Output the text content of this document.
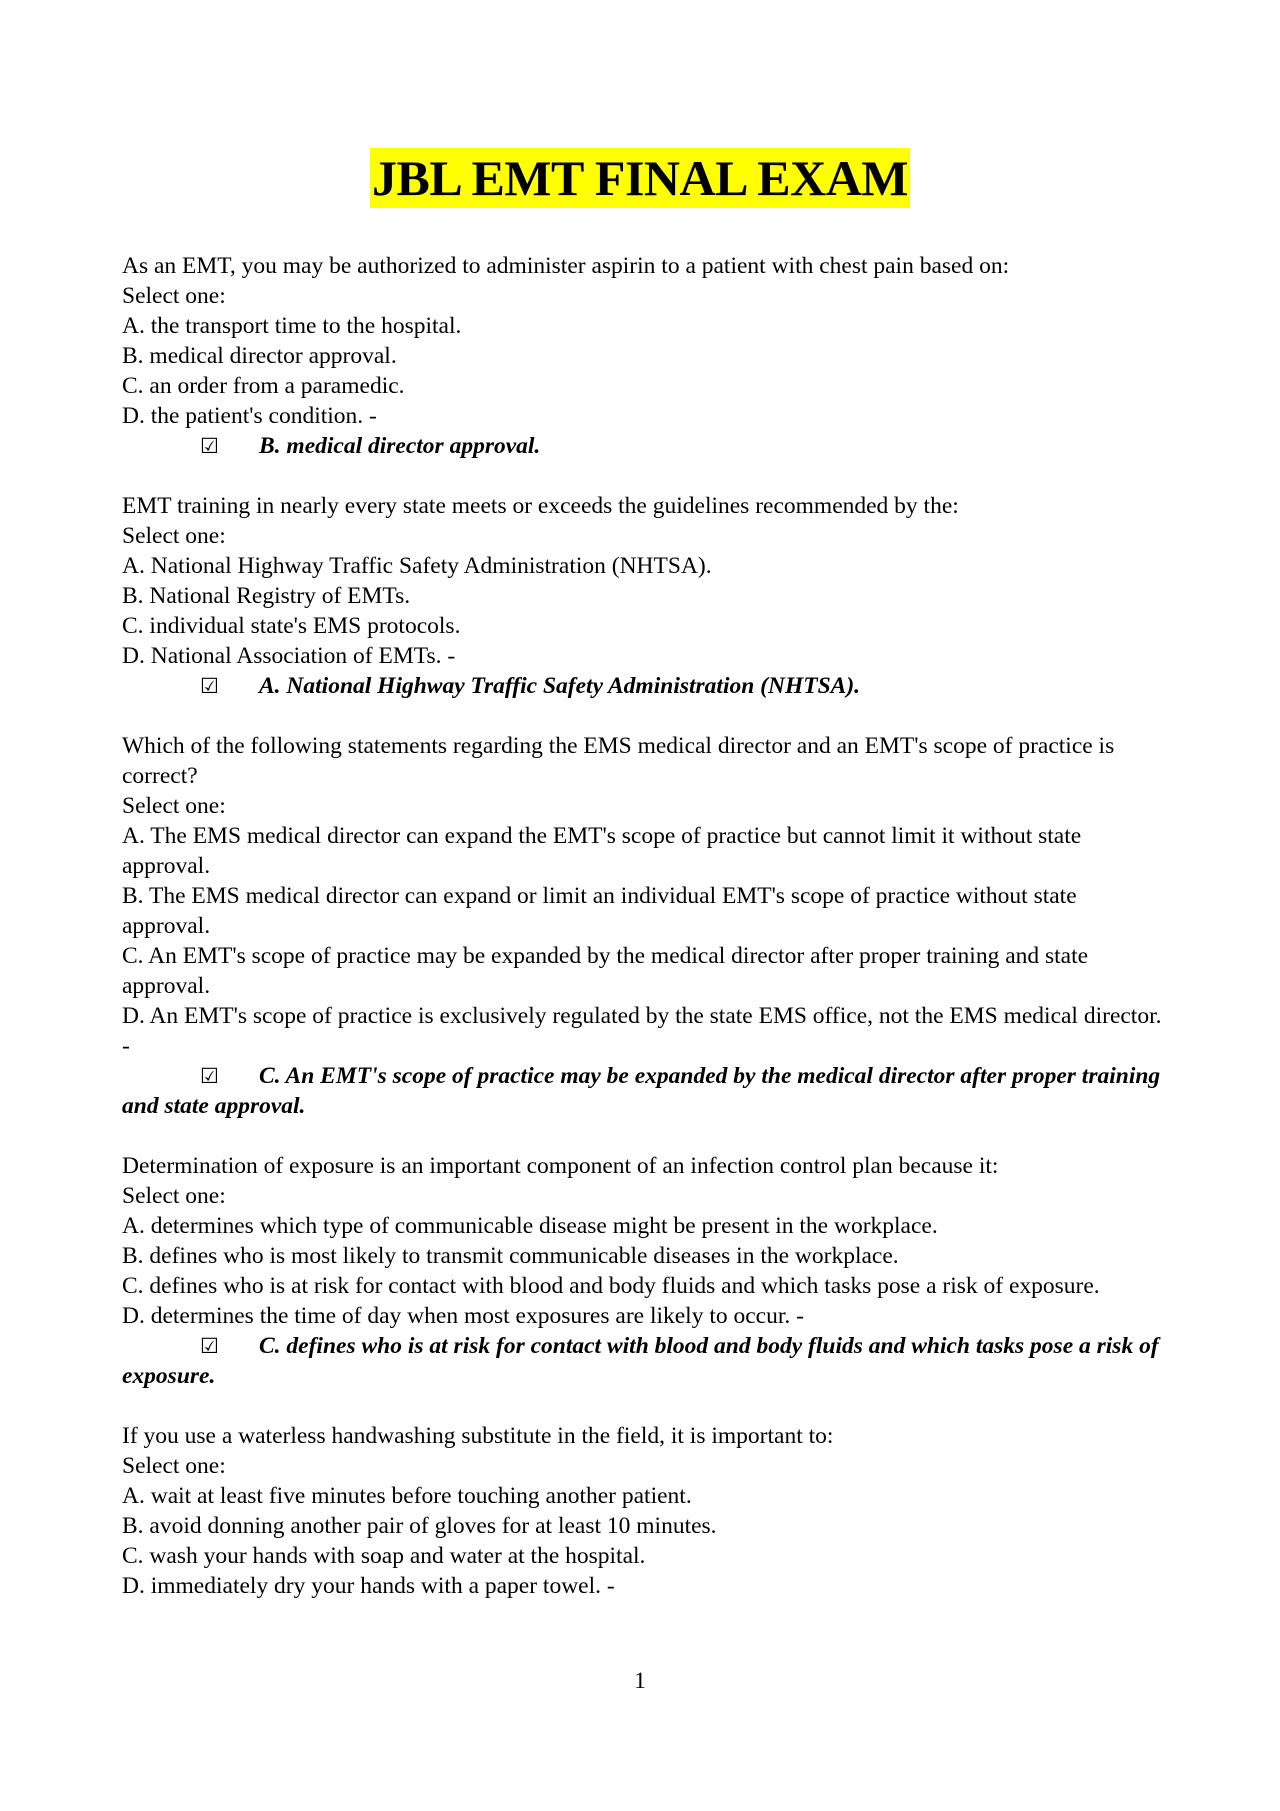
JBL EMT FINAL EXAM
As an EMT, you may be authorized to administer aspirin to a patient with chest pain based on:
Select one:
A. the transport time to the hospital.
B. medical director approval.
C. an order from a paramedic.
D. the patient's condition. -
☑ B. medical director approval.
EMT training in nearly every state meets or exceeds the guidelines recommended by the:
Select one:
A. National Highway Traffic Safety Administration (NHTSA).
B. National Registry of EMTs.
C. individual state's EMS protocols.
D. National Association of EMTs. -
☑ A. National Highway Traffic Safety Administration (NHTSA).
Which of the following statements regarding the EMS medical director and an EMT's scope of practice is correct?
Select one:
A. The EMS medical director can expand the EMT's scope of practice but cannot limit it without state approval.
B. The EMS medical director can expand or limit an individual EMT's scope of practice without state approval.
C. An EMT's scope of practice may be expanded by the medical director after proper training and state approval.
D. An EMT's scope of practice is exclusively regulated by the state EMS office, not the EMS medical director. -
☑ C. An EMT's scope of practice may be expanded by the medical director after proper training and state approval.
Determination of exposure is an important component of an infection control plan because it:
Select one:
A. determines which type of communicable disease might be present in the workplace.
B. defines who is most likely to transmit communicable diseases in the workplace.
C. defines who is at risk for contact with blood and body fluids and which tasks pose a risk of exposure.
D. determines the time of day when most exposures are likely to occur. -
☑ C. defines who is at risk for contact with blood and body fluids and which tasks pose a risk of exposure.
If you use a waterless handwashing substitute in the field, it is important to:
Select one:
A. wait at least five minutes before touching another patient.
B. avoid donning another pair of gloves for at least 10 minutes.
C. wash your hands with soap and water at the hospital.
D. immediately dry your hands with a paper towel. -
1
